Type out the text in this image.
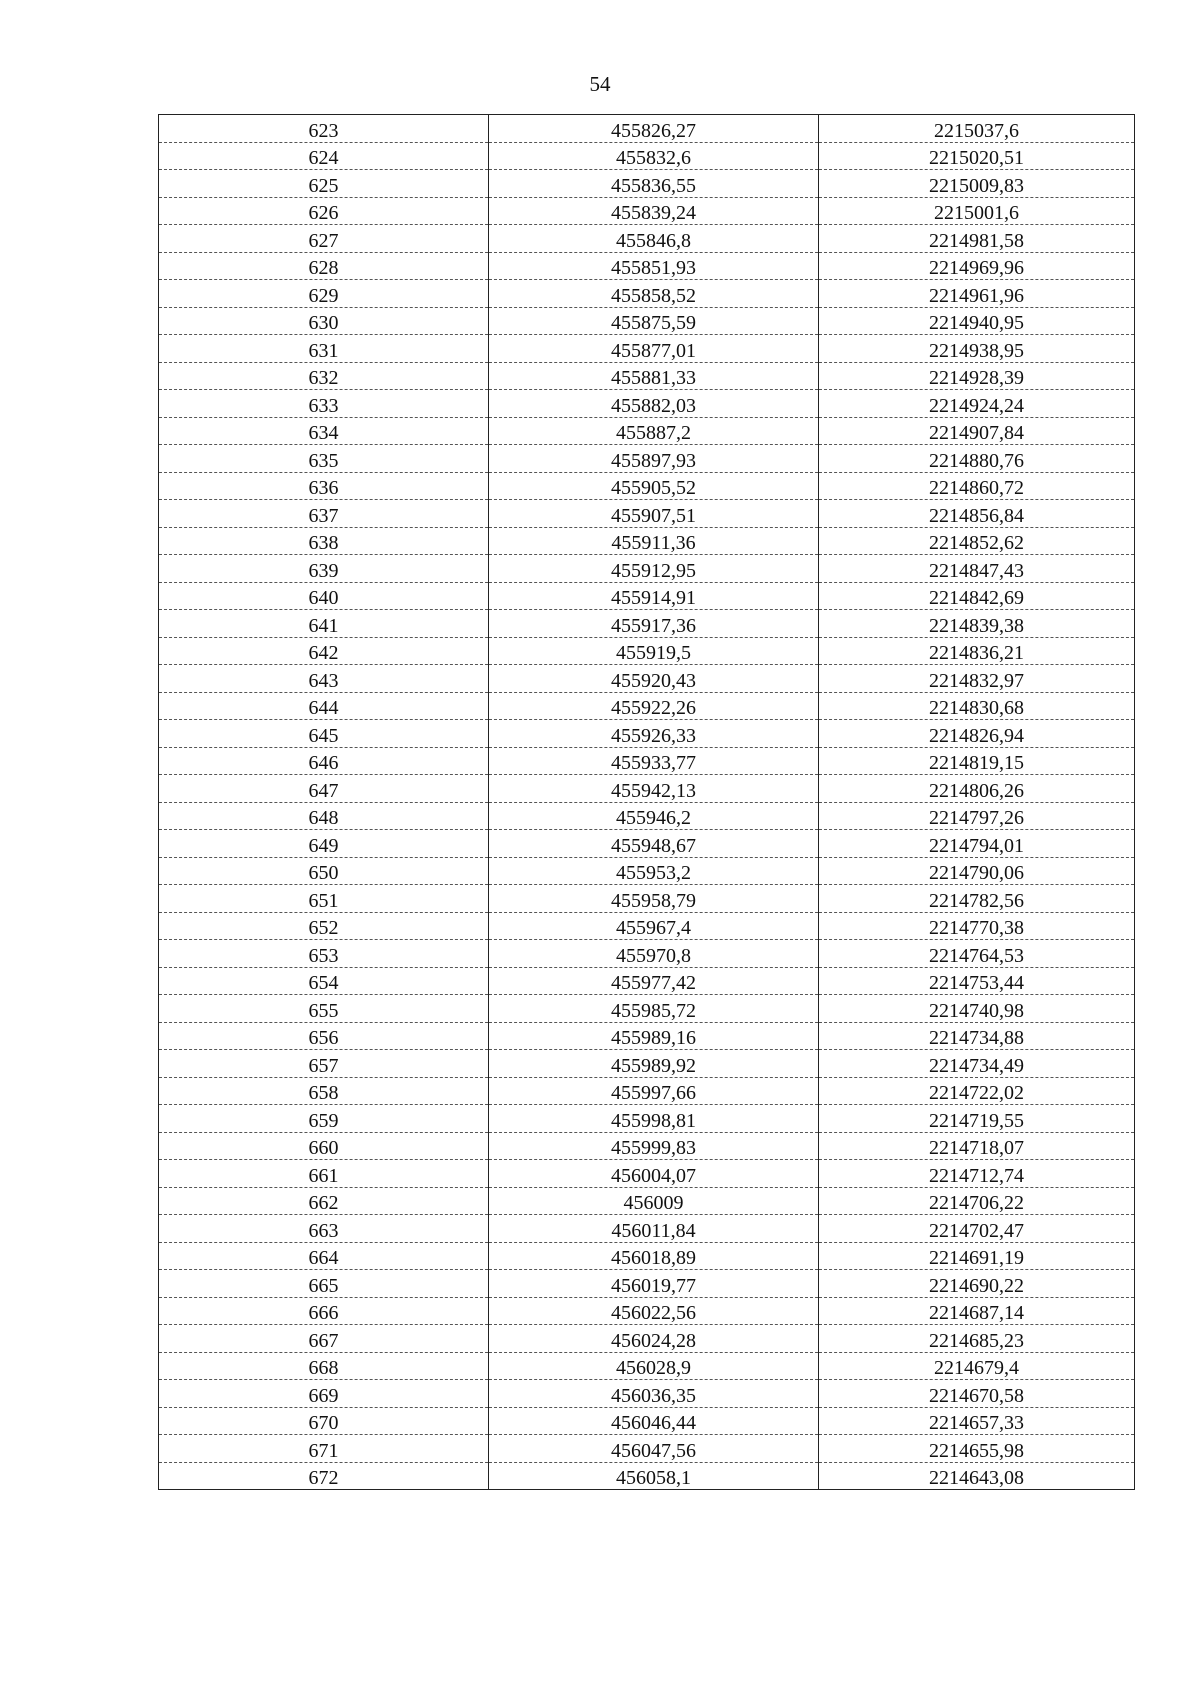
54
623	455826,27	2215037,6
624	455832,6	2215020,51
625	455836,55	2215009,83
626	455839,24	2215001,6
627	455846,8	2214981,58
628	455851,93	2214969,96
629	455858,52	2214961,96
630	455875,59	2214940,95
631	455877,01	2214938,95
632	455881,33	2214928,39
633	455882,03	2214924,24
634	455887,2	2214907,84
635	455897,93	2214880,76
636	455905,52	2214860,72
637	455907,51	2214856,84
638	455911,36	2214852,62
639	455912,95	2214847,43
640	455914,91	2214842,69
641	455917,36	2214839,38
642	455919,5	2214836,21
643	455920,43	2214832,97
644	455922,26	2214830,68
645	455926,33	2214826,94
646	455933,77	2214819,15
647	455942,13	2214806,26
648	455946,2	2214797,26
649	455948,67	2214794,01
650	455953,2	2214790,06
651	455958,79	2214782,56
652	455967,4	2214770,38
653	455970,8	2214764,53
654	455977,42	2214753,44
655	455985,72	2214740,98
656	455989,16	2214734,88
657	455989,92	2214734,49
658	455997,66	2214722,02
659	455998,81	2214719,55
660	455999,83	2214718,07
661	456004,07	2214712,74
662	456009	2214706,22
663	456011,84	2214702,47
664	456018,89	2214691,19
665	456019,77	2214690,22
666	456022,56	2214687,14
667	456024,28	2214685,23
668	456028,9	2214679,4
669	456036,35	2214670,58
670	456046,44	2214657,33
671	456047,56	2214655,98
672	456058,1	2214643,08
